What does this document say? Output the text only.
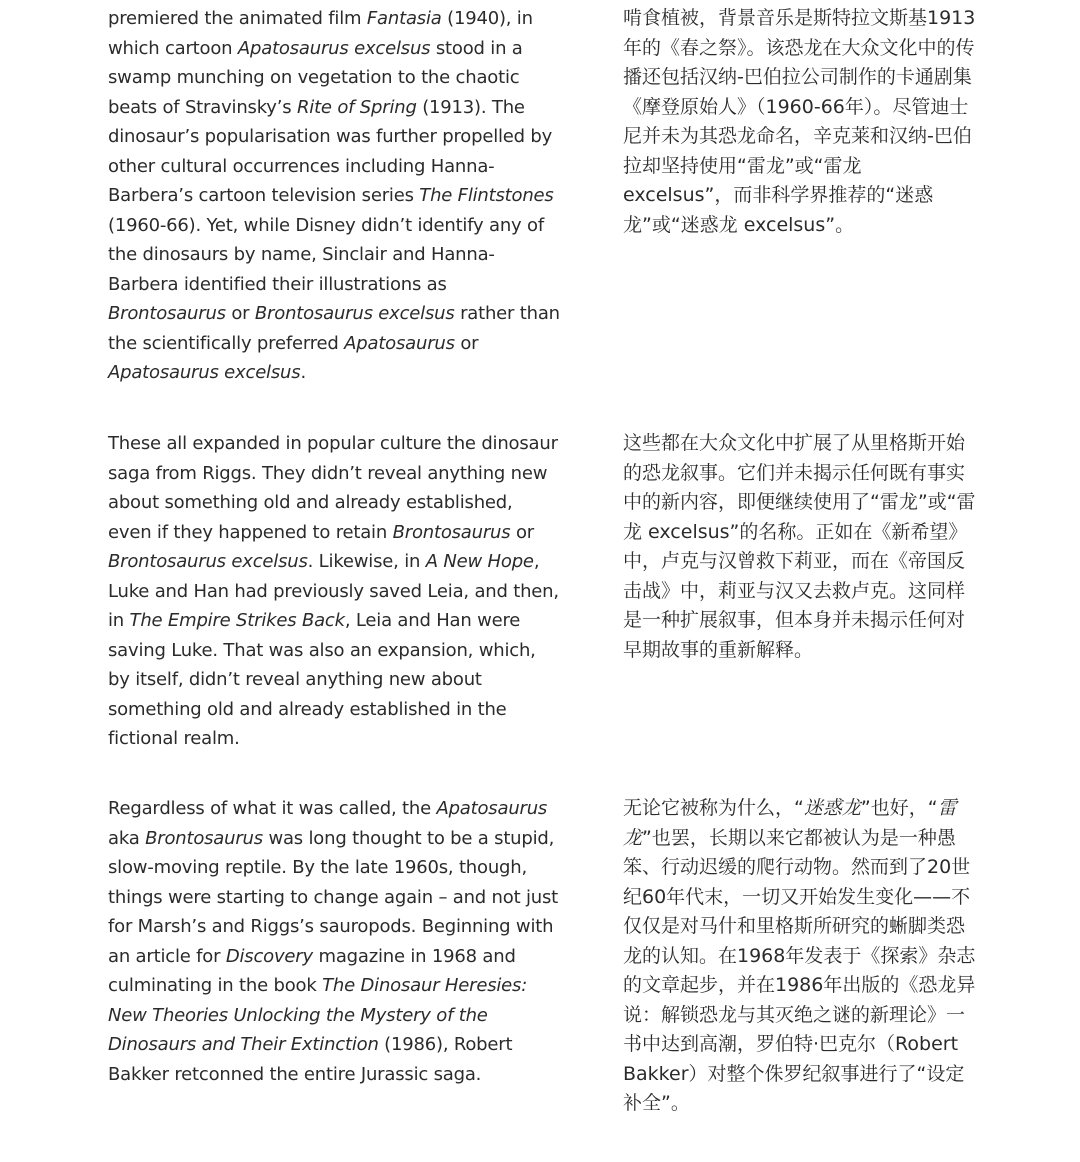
premiered the animated film Fantasia (1940), in which cartoon Apatosaurus excelsus stood in a swamp munching on vegetation to the chaotic beats of Stravinsky’s Rite of Spring (1913). The dinosaur’s popularisation was further propelled by other cultural occurrences including Hanna-Barbera’s cartoon television series The Flintstones (1960-66). Yet, while Disney didn’t identify any of the dinosaurs by name, Sinclair and Hanna-Barbera identified their illustrations as Brontosaurus or Brontosaurus excelsus rather than the scientifically preferred Apatosaurus or Apatosaurus excelsus.

啃食植被，背景音乐是斯特拉文斯基1913年的《春之祭》。该恐龙在大众文化中的传播还包括汉纳-巴伯拉公司制作的卡通剧集《摩登原始人》（1960-66年）。尽管迪士尼并未为其恐龙命名，辛克莱和汉纳-巴伯拉却坚持使用“雷龙”或“雷龙 excelsus”，而非科学界推荐的“迷惑龙”或“迷惑龙 excelsus”。

These all expanded in popular culture the dinosaur saga from Riggs. They didn’t reveal anything new about something old and already established, even if they happened to retain Brontosaurus or Brontosaurus excelsus. Likewise, in A New Hope, Luke and Han had previously saved Leia, and then, in The Empire Strikes Back, Leia and Han were saving Luke. That was also an expansion, which, by itself, didn’t reveal anything new about something old and already established in the fictional realm.

这些都在大众文化中扩展了从里格斯开始的恐龙叙事。它们并未揭示任何既有事实中的新内容，即便继续使用了“雷龙”或“雷龙 excelsus”的名称。正如在《新希望》中，卢克与汉曾救下莉亚，而在《帝国反击战》中，莉亚与汉又去救卢克。这同样是一种扩展叙事，但本身并未揭示任何对早期故事的重新解释。

Regardless of what it was called, the Apatosaurus aka Brontosaurus was long thought to be a stupid, slow-moving reptile. By the late 1960s, though, things were starting to change again – and not just for Marsh’s and Riggs’s sauropods. Beginning with an article for Discovery magazine in 1968 and culminating in the book The Dinosaur Heresies: New Theories Unlocking the Mystery of the Dinosaurs and Their Extinction (1986), Robert Bakker retconned the entire Jurassic saga.

无论它被称为什么，“迷惑龙”也好，“雷龙”也罢，长期以来它都被认为是一种愚笨、行动迟缓的爬行动物。然而到了20世纪60年代末，一切又开始发生变化——不仅仅是对马什和里格斯所研究的蜥脚类恐龙的认知。在1968年发表于《探索》杂志的文章起步，并在1986年出版的《恐龙异说：解锁恐龙与其灭绝之谜的新理论》一书中达到高潮，罗伯特·巴克尔（Robert Bakker）对整个侏罗纪叙事进行了“设定补全”。
